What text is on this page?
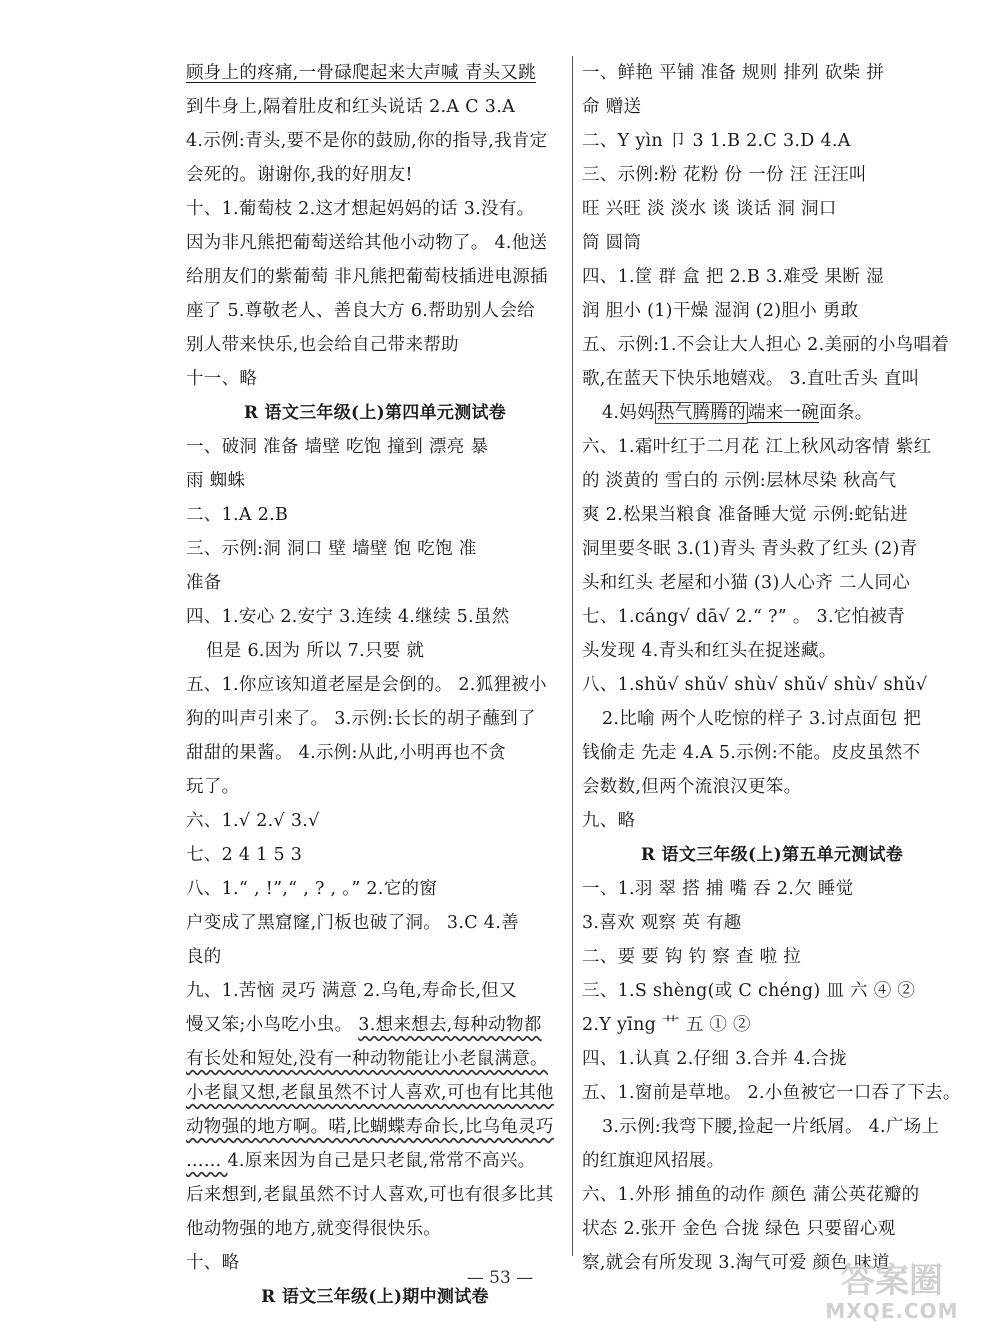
顾身上的疼痛,一骨碌爬起来大声喊 青头又跳
到牛身上,隔着肚皮和红头说话 2.A C 3.A
4.示例:青头,要不是你的鼓励,你的指导,我肯定
会死的。谢谢你,我的好朋友!
十、1.葡萄枝 2.这才想起妈妈的话 3.没有。
因为非凡熊把葡萄送给其他小动物了。 4.他送
给朋友们的紫葡萄 非凡熊把葡萄枝插进电源插
座了 5.尊敬老人、善良大方 6.帮助别人会给
别人带来快乐,也会给自己带来帮助
十一、略
R 语文三年级(上)第四单元测试卷
一、破洞 准备 墙壁 吃饱 撞到 漂亮 暴
雨 蜘蛛
二、1.A 2.B
三、示例:洞 洞口 壁 墙壁 饱 吃饱 准
准备
四、1.安心 2.安宁 3.连续 4.继续 5.虽然
但是 6.因为 所以 7.只要 就
五、1.你应该知道老屋是会倒的。 2.狐狸被小
狗的叫声引来了。 3.示例:长长的胡子蘸到了
甜甜的果酱。 4.示例:从此,小明再也不贪
玩了。
六、1.√ 2.√ 3.√
七、2 4 1 5 3
八、1.“ , !”,“ , ? , 。” 2.它的窗
户变成了黑窟窿,门板也破了洞。 3.C 4.善
良的
九、1.苦恼 灵巧 满意 2.乌龟,寿命长,但又
慢又笨;小鸟吃小虫。 3.想来想去,每种动物都
有长处和短处,没有一种动物能让小老鼠满意。
小老鼠又想,老鼠虽然不讨人喜欢,可也有比其他
动物强的地方啊。喏,比蝴蝶寿命长,比乌龟灵巧
…… 4.原来因为自己是只老鼠,常常不高兴。
后来想到,老鼠虽然不讨人喜欢,可也有很多比其
他动物强的地方,就变得很快乐。
十、略
R 语文三年级(上)期中测试卷
一、鲜艳 平铺 准备 规则 排列 砍柴 拼
命 赠送
二、Y yìn 卩 3 1.B 2.C 3.D 4.A
三、示例:粉 花粉 份 一份 汪 汪汪叫
旺 兴旺 淡 淡水 谈 谈话 洞 洞口
筒 圆筒
四、1.筐 群 盒 把 2.B 3.难受 果断 湿
润 胆小 (1)干燥 湿润 (2)胆小 勇敢
五、示例:1.不会让大人担心 2.美丽的小鸟唱着
歌,在蓝天下快乐地嬉戏。 3.直吐舌头 直叫
4.妈妈 热气腾腾的 端来一碗面条。
六、1.霜叶红于二月花 江上秋风动客情 紫红
的 淡黄的 雪白的 示例:层林尽染 秋高气
爽 2.松果当粮食 准备睡大觉 示例:蛇钻进
洞里要冬眠 3.(1)青头 青头救了红头 (2)青
头和红头 老屋和小猫 (3)人心齐 二人同心
七、1.cáng√ dā√ 2.“ ?” 。 3.它怕被青
头发现 4.青头和红头在捉迷藏。
八、1.shǔ√ shǔ√ shù√ shǔ√ shù√ shǔ√
2.比喻 两个人吃惊的样子 3.讨点面包 把
钱偷走 先走 4.A 5.示例:不能。皮皮虽然不
会数数,但两个流浪汉更笨。
九、略
R 语文三年级(上)第五单元测试卷
一、1.羽 翠 搭 捕 嘴 吞 2.欠 睡觉
3.喜欢 观察 英 有趣
二、要 要 钩 钓 察 查 啦 拉
三、1.S shèng(或 C chéng) 皿 六 ④ ②
2.Y yīng 艹 五 ① ②
四、1.认真 2.仔细 3.合并 4.合拢
五、1.窗前是草地。 2.小鱼被它一口吞了下去。
3.示例:我弯下腰,捡起一片纸屑。 4.广场上
的红旗迎风招展。
六、1.外形 捕鱼的动作 颜色 蒲公英花瓣的
状态 2.张开 金色 合拢 绿色 只要留心观
察,就会有所发现 3.淘气可爱 颜色 味道
— 53 —	答案圈
MXQE.COM
